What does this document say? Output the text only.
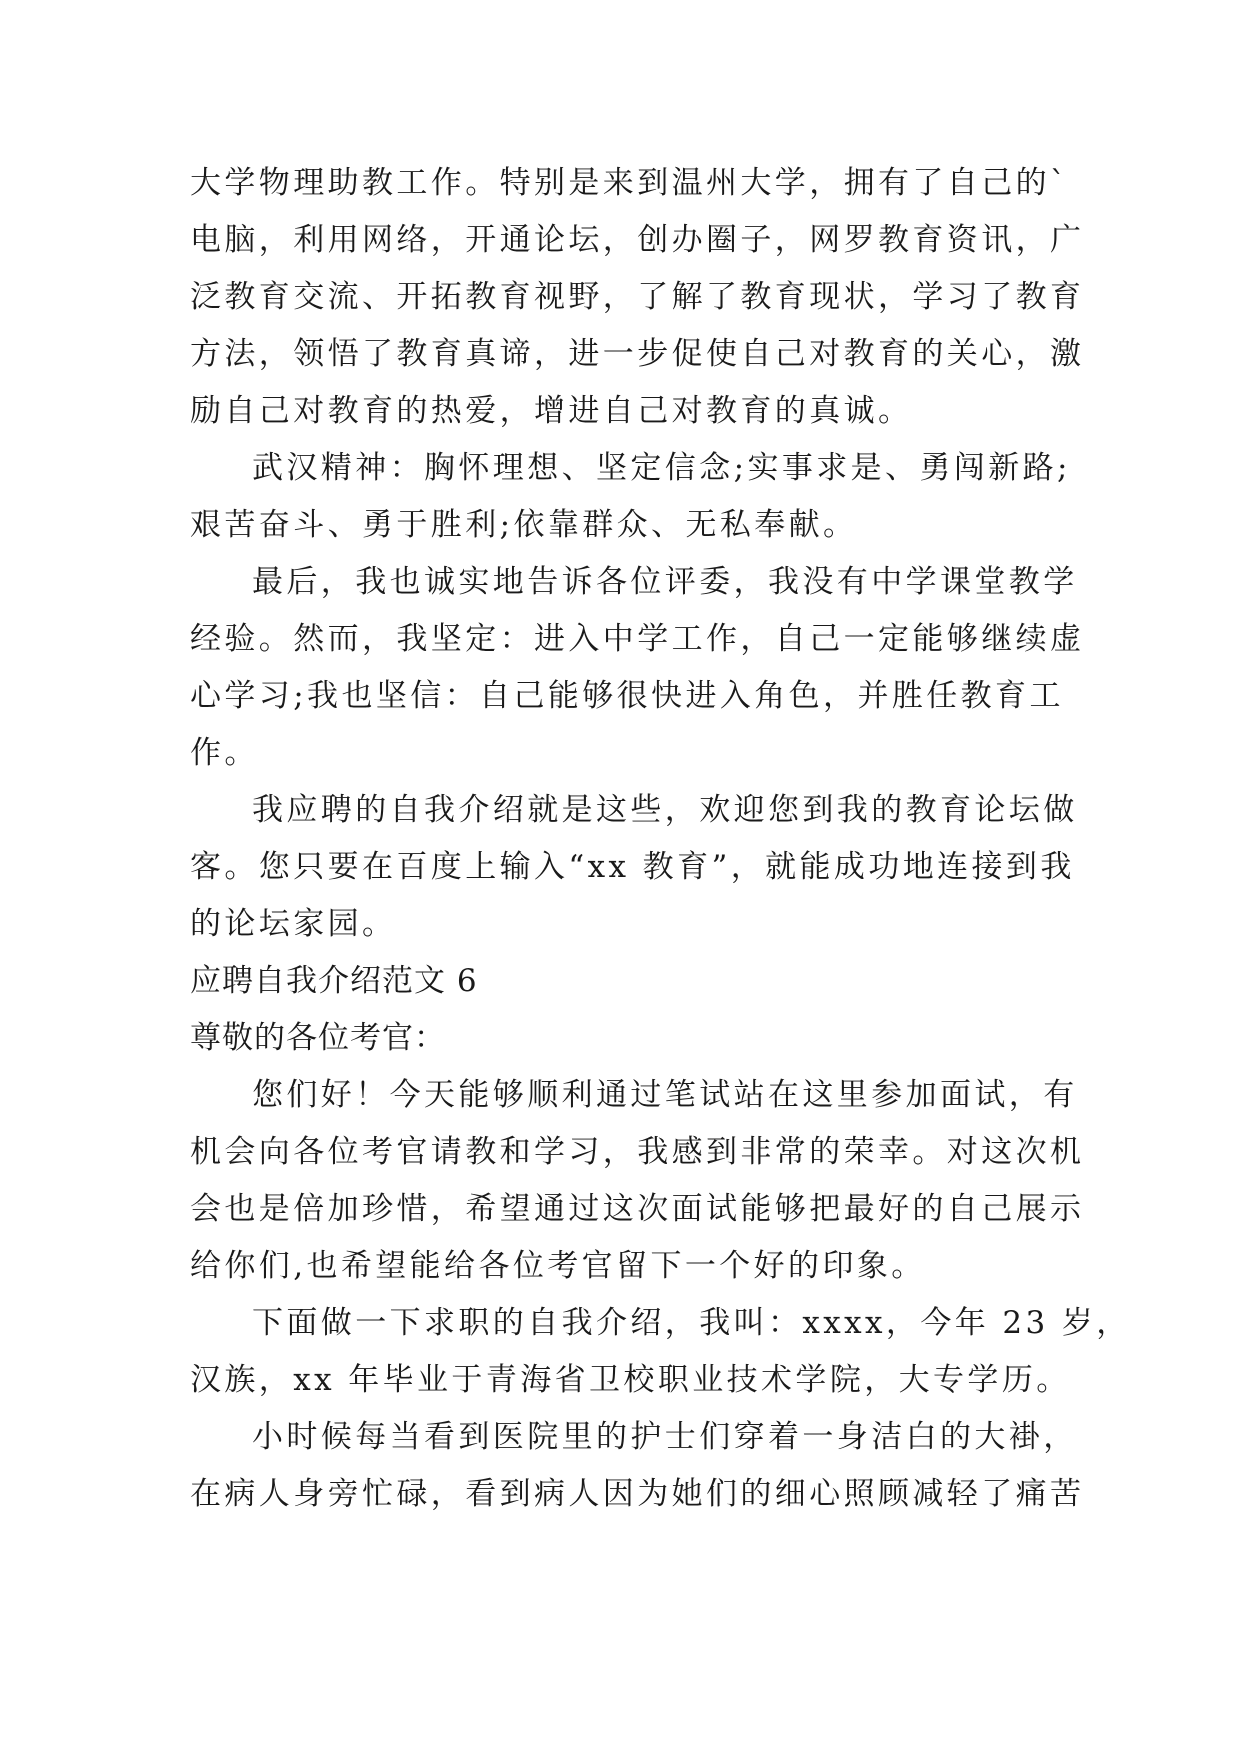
大学物理助教工作。特别是来到温州大学，拥有了自己的`
电脑，利用网络，开通论坛，创办圈子，网罗教育资讯，广
泛教育交流、开拓教育视野，了解了教育现状，学习了教育
方法，领悟了教育真谛，进一步促使自己对教育的关心，激
励自己对教育的热爱，增进自己对教育的真诚。
武汉精神：胸怀理想、坚定信念;实事求是、勇闯新路;
艰苦奋斗、勇于胜利;依靠群众、无私奉献。
最后，我也诚实地告诉各位评委，我没有中学课堂教学
经验。然而，我坚定：进入中学工作，自己一定能够继续虚
心学习;我也坚信：自己能够很快进入角色，并胜任教育工
作。
我应聘的自我介绍就是这些，欢迎您到我的教育论坛做
客。您只要在百度上输入“xx 教育”，就能成功地连接到我
的论坛家园。
应聘自我介绍范文 6
尊敬的各位考官：
您们好！今天能够顺利通过笔试站在这里参加面试，有
机会向各位考官请教和学习，我感到非常的荣幸。对这次机
会也是倍加珍惜，希望通过这次面试能够把最好的自己展示
给你们,也希望能给各位考官留下一个好的印象。
下面做一下求职的自我介绍，我叫：xxxx，今年 23 岁，
汉族，xx 年毕业于青海省卫校职业技术学院，大专学历。
小时候每当看到医院里的护士们穿着一身洁白的大褂，
在病人身旁忙碌，看到病人因为她们的细心照顾减轻了痛苦
